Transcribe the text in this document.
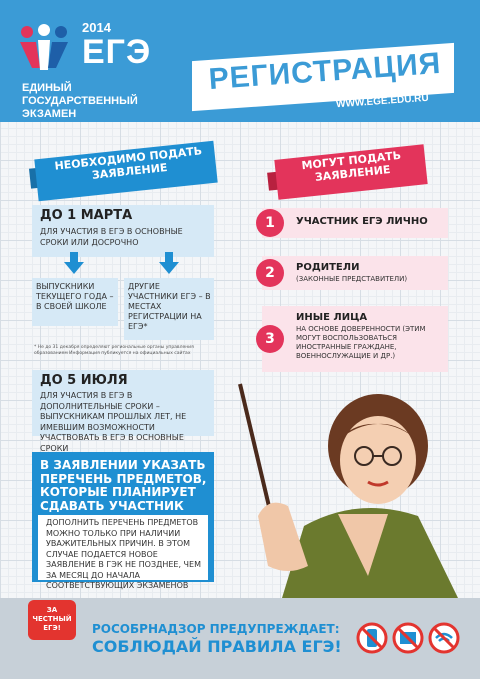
2014
ЕГЭ
ЕДИНЫЙ
ГОСУДАРСТВЕННЫЙ
ЭКЗАМЕН
РЕГИСТРАЦИЯ
WWW.EGE.EDU.RU
НЕОБХОДИМО ПОДАТЬ ЗАЯВЛЕНИЕ	МОГУТ ПОДАТЬ ЗАЯВЛЕНИЕ
ДО 1 МАРТА
ДЛЯ УЧАСТИЯ В ЕГЭ В ОСНОВНЫЕ СРОКИ ИЛИ ДОСРОЧНО
ВЫПУСКНИКИ ТЕКУЩЕГО ГОДА – В СВОЕЙ ШКОЛЕ
ДРУГИЕ УЧАСТНИКИ ЕГЭ – В МЕСТАХ РЕГИСТРАЦИИ НА ЕГЭ*
* Не до 31 декабря определяют региональные органы управления образованием Информация публикуется на официальных сайтах
ДО 5 ИЮЛЯ
ДЛЯ УЧАСТИЯ В ЕГЭ В ДОПОЛНИТЕЛЬНЫЕ СРОКИ – ВЫПУСКНИКАМ ПРОШЛЫХ ЛЕТ, НЕ ИМЕВШИМ ВОЗМОЖНОСТИ УЧАСТВОВАТЬ В ЕГЭ В ОСНОВНЫЕ СРОКИ
В ЗАЯВЛЕНИИ УКАЗАТЬ ПЕРЕЧЕНЬ ПРЕДМЕТОВ, КОТОРЫЕ ПЛАНИРУЕТ СДАВАТЬ УЧАСТНИК
ДОПОЛНИТЬ ПЕРЕЧЕНЬ ПРЕДМЕТОВ МОЖНО ТОЛЬКО ПРИ НАЛИЧИИ УВАЖИТЕЛЬНЫХ ПРИЧИН. В ЭТОМ СЛУЧАЕ ПОДАЕТСЯ НОВОЕ ЗАЯВЛЕНИЕ В ГЭК НЕ ПОЗДНЕЕ, ЧЕМ ЗА МЕСЯЦ ДО НАЧАЛА СООТВЕТСТВУЮЩИХ ЭКЗАМЕНОВ
1	УЧАСТНИК ЕГЭ ЛИЧНО
2	РОДИТЕЛИ
(ЗАКОННЫЕ ПРЕДСТАВИТЕЛИ)
3
ИНЫЕ ЛИЦА
НА ОСНОВЕ ДОВЕРЕННОСТИ (ЭТИМ МОГУТ ВОСПОЛЬЗОВАТЬСЯ ИНОСТРАННЫЕ ГРАЖДАНЕ, ВОЕННОСЛУЖАЩИЕ И ДР.)
ЗА ЧЕСТНЫЙ ЕГЭ!	РОСОБРНАДЗОР ПРЕДУПРЕЖДАЕТ:
СОБЛЮДАЙ ПРАВИЛА ЕГЭ!
